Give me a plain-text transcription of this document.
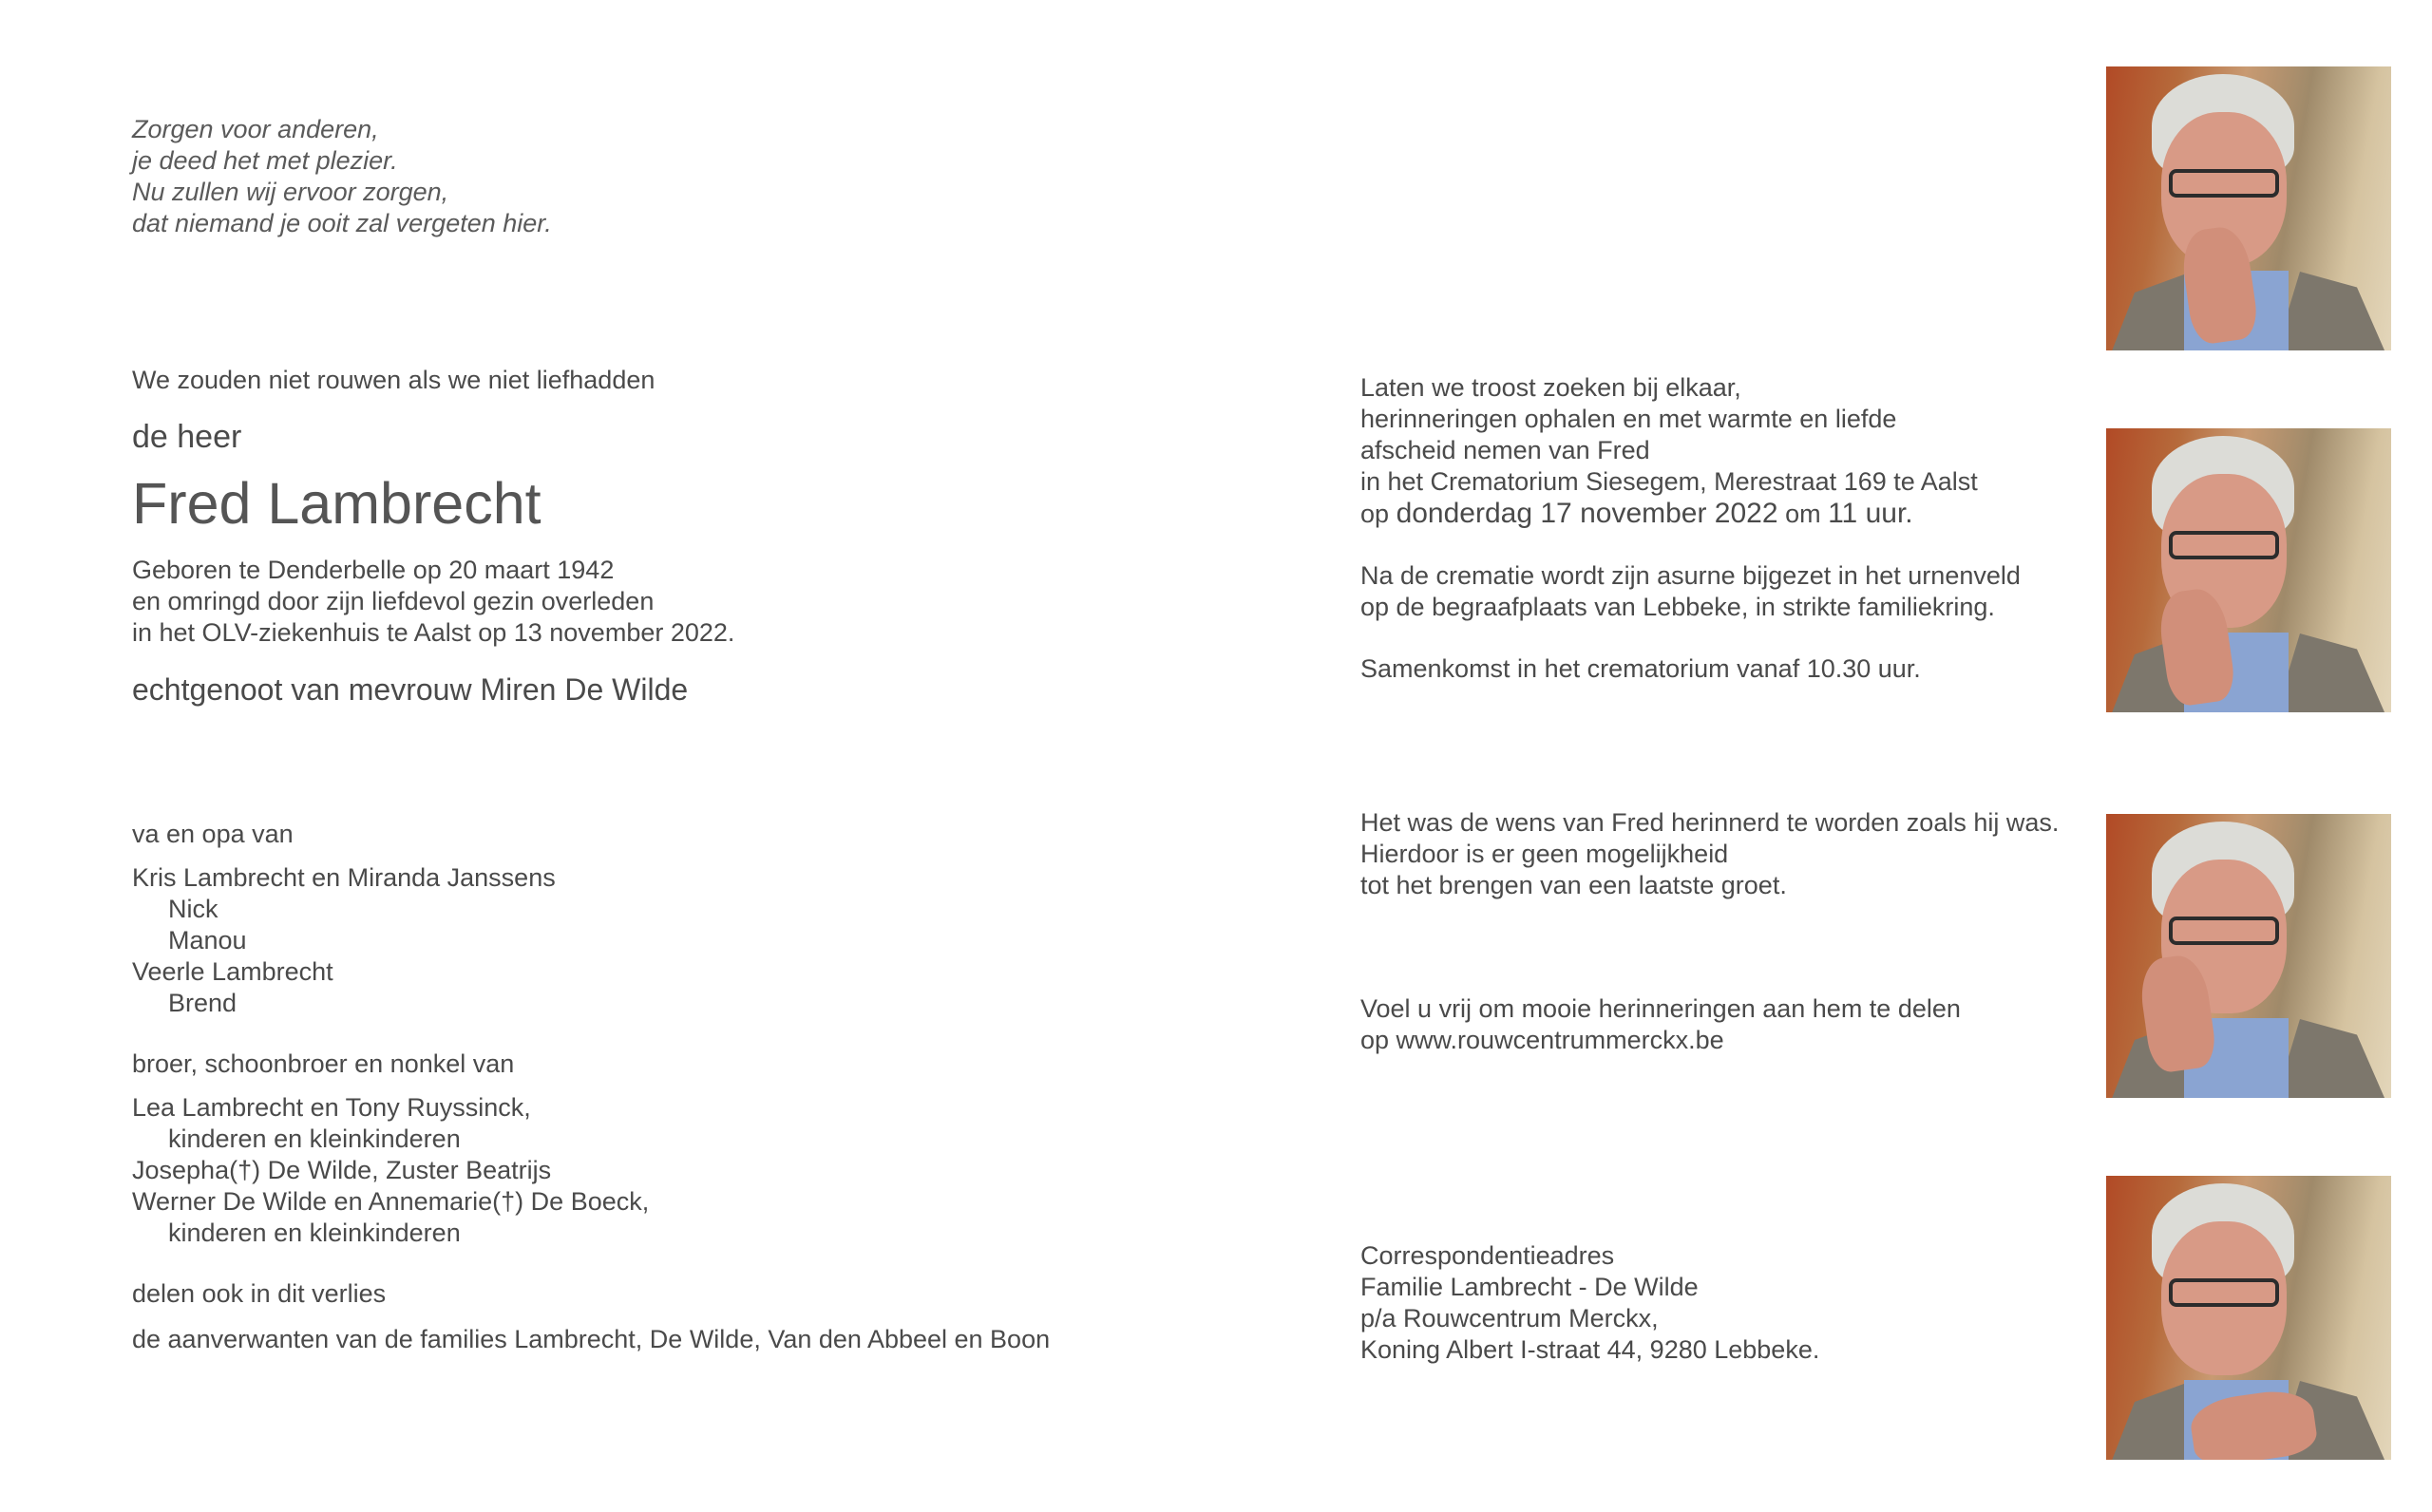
Zorgen voor anderen,
je deed het met plezier.
Nu zullen wij ervoor zorgen,
dat niemand je ooit zal vergeten hier.
We zouden niet rouwen als we niet liefhadden
de heer
Fred Lambrecht
Geboren te Denderbelle op 20 maart 1942
en omringd door zijn liefdevol gezin overleden
in het OLV-ziekenhuis te Aalst op 13 november 2022.
echtgenoot van mevrouw Miren De Wilde
va en opa van
Kris Lambrecht en Miranda Janssens
Nick
Manou
Veerle Lambrecht
Brend
broer, schoonbroer en nonkel van
Lea Lambrecht en Tony Ruyssinck,
kinderen en kleinkinderen
Josepha(†) De Wilde, Zuster Beatrijs
Werner De Wilde en Annemarie(†) De Boeck,
kinderen en kleinkinderen
delen ook in dit verlies
de aanverwanten van de families Lambrecht, De Wilde, Van den Abbeel en Boon
Laten we troost zoeken bij elkaar,
herinneringen ophalen en met warmte en liefde
afscheid nemen van Fred
in het Crematorium Siesegem, Merestraat 169 te Aalst
op donderdag 17 november 2022 om 11 uur.
Na de crematie wordt zijn asurne bijgezet in het urnenveld
op de begraafplaats van Lebbeke, in strikte familiekring.
Samenkomst in het crematorium vanaf 10.30 uur.
Het was de wens van Fred herinnerd te worden zoals hij was.
Hierdoor is er geen mogelijkheid
tot het brengen van een laatste groet.
Voel u vrij om mooie herinneringen aan hem te delen
op www.rouwcentrummerckx.be
Correspondentieadres
Familie Lambrecht - De Wilde
p/a Rouwcentrum Merckx,
Koning Albert I-straat 44, 9280 Lebbeke.
